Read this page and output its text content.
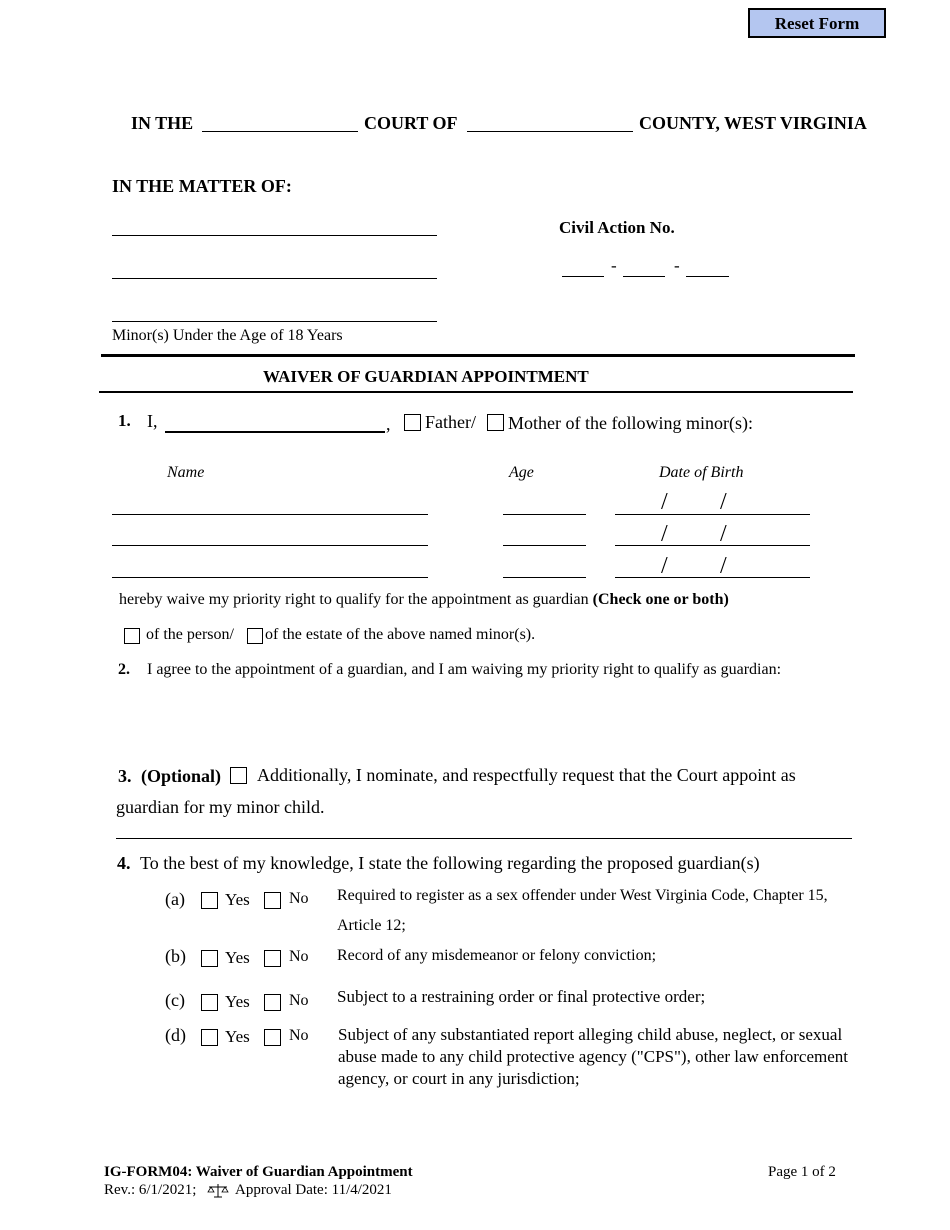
Reset Form
IN THE	COURT OF	COUNTY, WEST VIRGINIA
IN THE MATTER OF:
Minor(s) Under the Age of 18 Years
Civil Action No.
-	-
WAIVER OF GUARDIAN APPOINTMENT
1. I,	, Father/ Mother of the following minor(s):
Name	Age	Date of Birth
/ /
/ /
/ /
hereby waive my priority right to qualify for the appointment as guardian (Check one or both)
of the person/ of the estate of the above named minor(s).
2. I agree to the appointment of a guardian, and I am waiving my priority right to qualify as guardian:
3. (Optional) Additionally, I nominate, and respectfully request that the Court appoint as
guardian for my minor child.
4. To the best of my knowledge, I state the following regarding the proposed guardian(s)
(a) Yes No Required to register as a sex offender under West Virginia Code, Chapter 15,
Article 12;
(b) Yes No Record of any misdemeanor or felony conviction;
(c) Yes No Subject to a restraining order or final protective order;
(d) Yes No Subject of any substantiated report alleging child abuse, neglect, or sexual
abuse made to any child protective agency ("CPS"), other law enforcement
agency, or court in any jurisdiction;
IG-FORM04: Waiver of Guardian Appointment
Rev.: 6/1/2021;	Approval Date: 11/4/2021
Page 1 of 2
